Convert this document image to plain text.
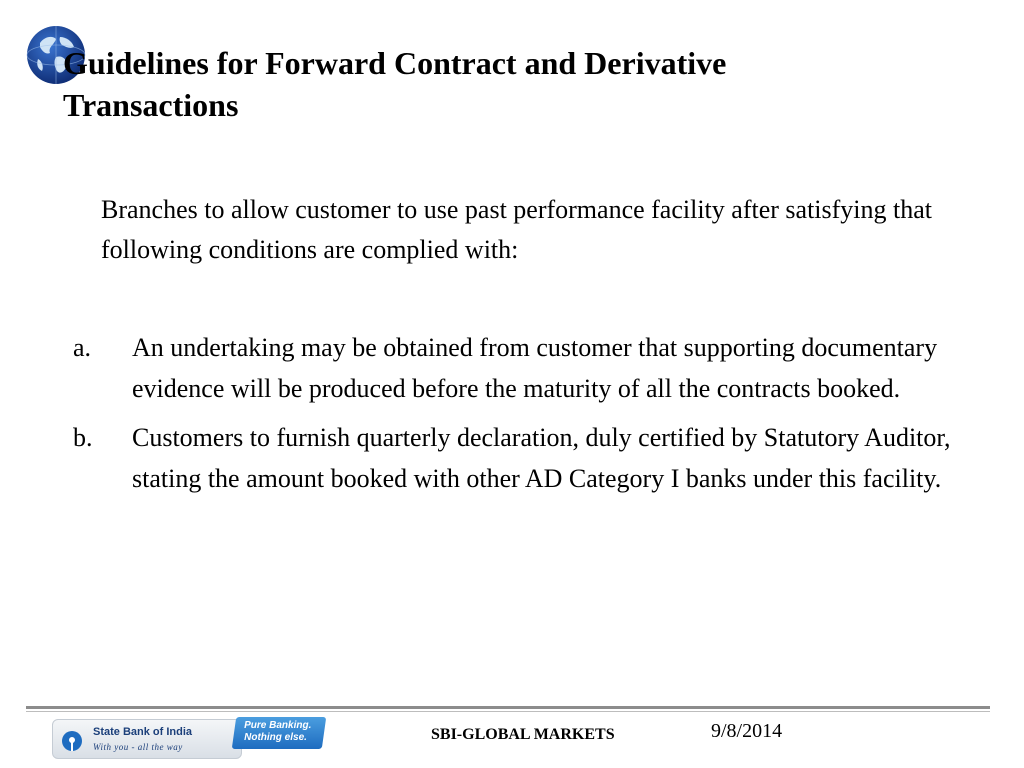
Guidelines for Forward Contract and Derivative
Transactions

Branches to allow customer to use past performance facility after satisfying that following conditions are complied with:

a. An undertaking may be obtained from customer that supporting documentary evidence will be produced before the maturity of all the contracts booked.
b. Customers to furnish quarterly declaration, duly certified by Statutory Auditor, stating the amount booked with other AD Category I banks under this facility.
State Bank of India
With you - all the way
Pure Banking.
Nothing else.	SBI-GLOBAL MARKETS	9/8/2014
